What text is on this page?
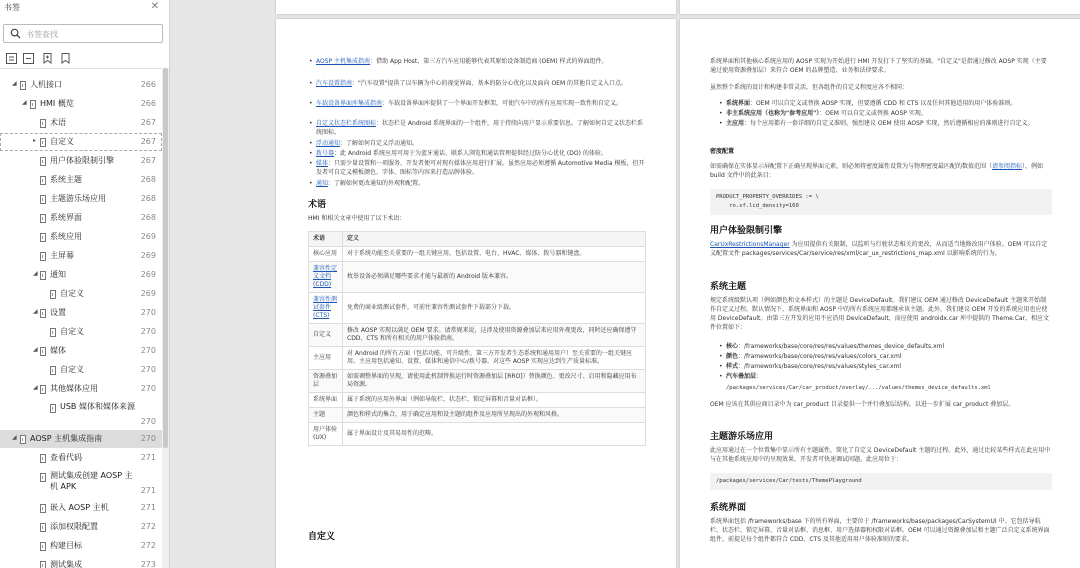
书签	✕
书签查找
◢ 人机接口	266
◢ HMI 概览	266
术语	267
▸ 自定义	267
用户体验限制引擎	267
系统主题	268
主题游乐场应用	268
系统界面	268
系统应用	269
主屏幕	269
◢ 通知	269
自定义	269
◢ 设置	270
自定义	270
◢ 媒体	270
自定义	270
◢ 其他媒体应用	270
USB 媒体和媒体来源
270
◢ AOSP 主机集成指南	270
查看代码	271
测试集成创建 AOSP 主机 APK	271
嵌入 AOSP 主机	271
添加权限配置	272
构建目标	272
测试集成	273
• AOSP 主机集成指南：借助 App Host，第三方汽车应用能够代表其原始设备制造商 (OEM) 样式的界面组件。
• 汽车设置指南："汽车设置"提供了以车辆为中心的视觉界面、基本的防分心优化以及面向 OEM 的其他自定义入口点。
• 车载设备界面库集成指南：车载设备界面库提供了一个界面开发框架，可使汽车中的所有应用实现一致性和自定义。
• 自定义状态栏系统图标：状态栏是 Android 系统界面的一个组件，用于持续向用户显示重要信息。了解如何自定义状态栏系统图标。
• 浮动通知：了解如何自定义浮动通知。
• 拨号器：此 Android 系统应用可用于为蓝牙通话、联系人浏览和通话管理提供经过防分心优化 (DO) 的体验。
• 媒体：只需少量设置和一项服务，开发者便可对现有媒体应用进行扩展。虽然应用必须遵循 Automotive Media 模板，但开发者可自定义模板颜色、字体、图标等内容来打造品牌体验。
• 通知：了解如何更改通知的外观和配置。
术语
HMI 和相关文章中使用了以下术语：
术语	定义
核心应用	对于系统功能至关重要的一组关键应用，包括设置、电台、HVAC、媒体、拨号器和键盘。
兼容性定义文档 (CDD)	枚举设备必须满足哪些要求才能与最新的 Android 版本兼容。
兼容性测试套件 (CTS)	免费的商业级测试套件，可前往兼容性测试套件下载部分下载。
自定义	修改 AOSP 实现以满足 OEM 要求。请常规来说，这涉及使用资源叠加层来应用外观更改，同时还应确保遵守 CDD、CTS 和所有相关的用户体验指南。
主应用	对 Android 的所有方面（包括功能、可升级性、第三方开发者生态系统和通用用户）至关重要的一组关键应用。主应用包括通知、设置、媒体和通信中心/拨号器。对这些 AOSP 实现应达到生产质量标准。
资源叠加层	如需调整界面的呈现，请使用此机制替换运行时资源叠加层 [RRO]）替换颜色、更改尺寸、启用和隐藏应用布局资源。
系统界面	属于系统的应用外界面（例如导航栏、状态栏、锁定屏幕和音量对话框）。
主题	颜色和样式的集合，用于确定应用和设主题的组件及应用所呈现出的外观和风格。
用户体验 (UX)	属于界面设计及其易用性的范畴。
自定义
系统界面和其他核心系统应用的 AOSP 实现为开始进行 HMI 开发打下了坚实的基础。"自定义"是指通过修改 AOSP 实现（主要通过使用资源叠加层）来符合 OEM 的品牌塑造、业务和法律要求。
虽然整个系统的设计和构建非常灵活，但各组件的自定义程度应各不相同：
• 系统界面：OEM 可以自定义或替换 AOSP 实现，但要遵循 CDD 和 CTS 以及任何其他适用的用户体验准则。
• 非主系统应用（也称为"参考应用"）：OEM 可以自定义或替换 AOSP 实现。
• 主应用：每个应用都有一套详细的自定义准则。强烈建议 OEM 使用 AOSP 实现，然后遵循相应的准则进行自定义。
密度配置
如需确保在实体显示屏配置下正确呈现界面元素，则必须将密度属性设置为与物理密度最匹配的数值范围（请参阅指标），例如 build 文件中的此条目：
PRODUCT_PROPERTY_OVERRIDES := \
ro.sf.lcd_density=160
用户体验限制引擎
CarUxRestrictionsManager 为应用提供有关限制，以监听与行驶状态相关的更改，从而适当地修改用户体验。OEM 可以自定义配置文件 packages/services/Car/service/res/xml/car_ux_restrictions_map.xml 以影响系统的行为。
系统主题
规定系统级默认项（例如颜色和文本样式）的主题是 DeviceDefault。我们建议 OEM 通过修改 DeviceDefault 主题来开始制作自定义过程。默认情况下，系统界面和 AOSP 中的所有系统应用都继承该主题。此外，我们建议 OEM 开发的系统应用也应使用 DeviceDefault。由第三方开发的应用不应沿用 DeviceDefault，而应使用 androidx.car 库中提供的 Theme.Car。相应文件位置如下：
• 核心：/frameworks/base/core/res/res/values/themes_device_defaults.xml
• 颜色：/frameworks/base/core/res/res/values/colors_car.xml
• 样式：/frameworks/base/core/res/res/values/styles_car.xml
• 汽车叠加层：
/packages/services/Car/car_product/overlay/.../values/themes_device_defaults.xml
OEM 应该在其供应商目录中为 car_product 目录提供一个并行叠加层结构，以进一步扩展 car_product 叠加层。
主题游乐场应用
此应用通过在一个位置集中显示所有主题属性，简化了自定义 DeviceDefault 主题的过程。此外，通过比较某些样式在此应用中与在其他系统应用中的呈现效果，开发者可快速调试问题。此应用位于：
/packages/services/Car/tests/ThemePlayground
系统界面
系统界面包括 /frameworks/base 下的所有界面，主要位于 /frameworks/base/packages/CarSystemUI 中。它包括导航栏、状态栏、锁定屏幕、音量对话框、消息框、用户选择器和权限对话框。OEM 可以通过资源叠加层和主题广泛自定义系统界面组件，前提是每个组件都符合 CDD、CTS 及其他适用用户体验准则的要求。
